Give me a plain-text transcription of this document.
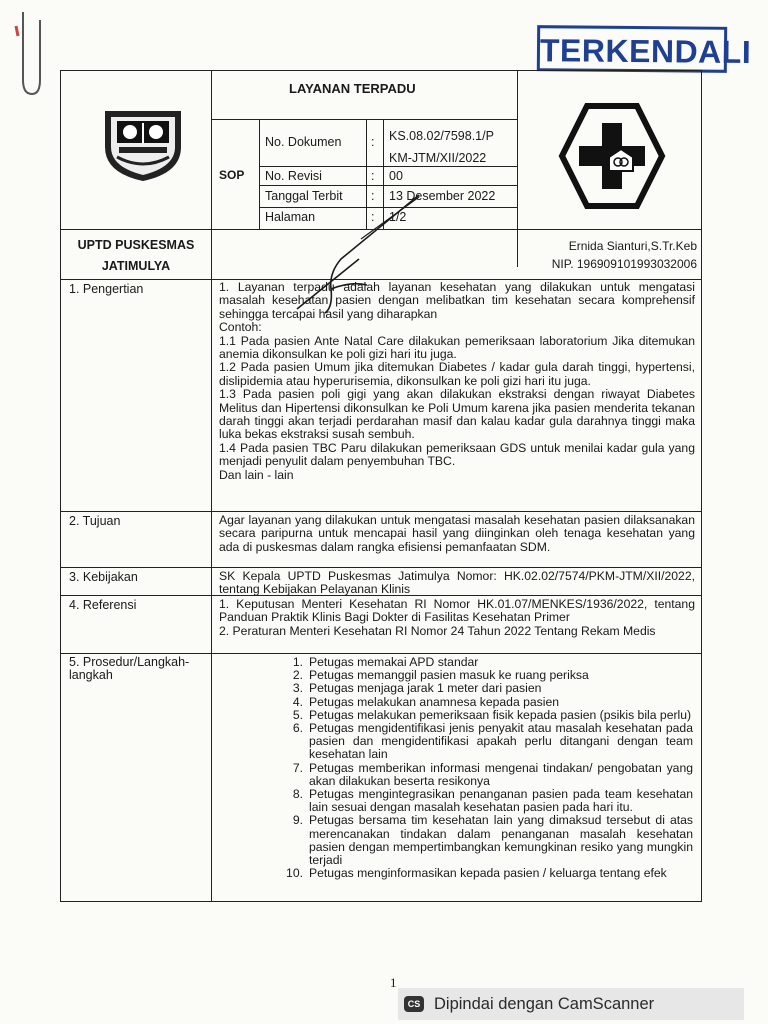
TERKENDALI
LAYANAN TERPADU
SOP
No. Dokumen : KS.08.02/7598.1/P KM-JTM/XII/2022
No. Revisi	: 00
Tanggal Terbit : 13 Desember 2022
Halaman	: 1/2
UPTD PUSKESMAS JATIMULYA
Ernida Sianturi,S.Tr.Keb
NIP. 196909101993032006
1. Pengertian
2. Tujuan
3. Kebijakan
4. Referensi
5. Prosedur/Langkah-langkah

1. Layanan terpadu adalah layanan kesehatan yang dilakukan untuk mengatasi masalah kesehatan pasien dengan melibatkan tim kesehatan secara komprehensif sehingga tercapai hasil yang diharapkan

Contoh:

1.1 Pada pasien Ante Natal Care dilakukan pemeriksaan laboratorium Jika ditemukan anemia dikonsulkan ke poli gizi hari itu juga.

1.2 Pada pasien Umum jika ditemukan Diabetes / kadar gula darah tinggi, hypertensi, dislipidemia atau hyperurisemia, dikonsulkan ke poli gizi hari itu juga.

1.3 Pada pasien poli gigi yang akan dilakukan ekstraksi dengan riwayat Diabetes Melitus dan Hipertensi dikonsulkan ke Poli Umum karena jika pasien menderita tekanan darah tinggi akan terjadi perdarahan masif dan kalau kadar gula darahnya tinggi maka luka bekas ekstraksi susah sembuh.

1.4 Pada pasien TBC Paru dilakukan pemeriksaan GDS untuk menilai kadar gula yang menjadi penyulit dalam penyembuhan TBC.

Dan lain - lain

Agar layanan yang dilakukan untuk mengatasi masalah kesehatan pasien dilaksanakan secara paripurna untuk mencapai hasil yang diinginkan oleh tenaga kesehatan yang ada di puskesmas dalam rangka efisiensi pemanfaatan SDM.
SK Kepala UPTD Puskesmas Jatimulya Nomor: HK.02.02/7574/PKM-JTM/XII/2022, tentang Kebijakan Pelayanan Klinis

1. Keputusan Menteri Kesehatan RI Nomor HK.01.07/MENKES/1936/2022, tentang Panduan Praktik Klinis Bagi Dokter di Fasilitas Kesehatan Primer

2. Peraturan Menteri Kesehatan RI Nomor 24 Tahun 2022 Tentang Rekam Medis

1. Petugas memakai APD standar
2. Petugas memanggil pasien masuk ke ruang periksa
3. Petugas menjaga jarak 1 meter dari pasien
4. Petugas melakukan anamnesa kepada pasien
5. Petugas melakukan pemeriksaan fisik kepada pasien (psikis bila perlu)
6. Petugas mengidentifikasi jenis penyakit atau masalah kesehatan pada pasien dan mengidentifikasi apakah perlu ditangani dengan team kesehatan lain
7. Petugas memberikan informasi mengenai tindakan/ pengobatan yang akan dilakukan beserta resikonya
8. Petugas mengintegrasikan penanganan pasien pada team kesehatan lain sesuai dengan masalah kesehatan pasien pada hari itu.
9. Petugas bersama tim kesehatan lain yang dimaksud tersebut di atas merencanakan tindakan dalam penanganan masalah kesehatan pasien dengan mempertimbangkan kemungkinan resiko yang mungkin terjadi
10. Petugas menginformasikan kepada pasien / keluarga tentang efek
1
CS Dipindai dengan CamScanner
